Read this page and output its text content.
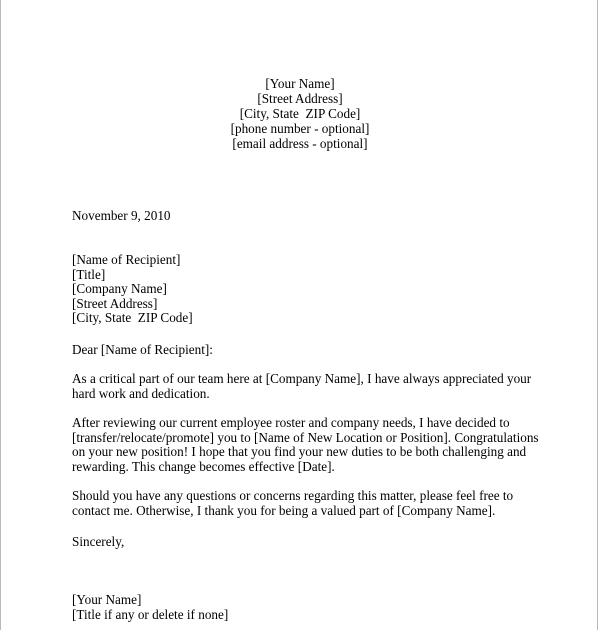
[Your Name]
[Street Address]
[City, State  ZIP Code]
[phone number - optional]
[email address - optional]
November 9, 2010
[Name of Recipient]
[Title]
[Company Name]
[Street Address]
[City, State  ZIP Code]
Dear [Name of Recipient]:
As a critical part of our team here at [Company Name], I have always appreciated your
hard work and dedication.
After reviewing our current employee roster and company needs, I have decided to
[transfer/relocate/promote] you to [Name of New Location or Position]. Congratulations
on your new position! I hope that you find your new duties to be both challenging and
rewarding. This change becomes effective [Date].
Should you have any questions or concerns regarding this matter, please feel free to
contact me. Otherwise, I thank you for being a valued part of [Company Name].
Sincerely,
[Your Name]
[Title if any or delete if none]
